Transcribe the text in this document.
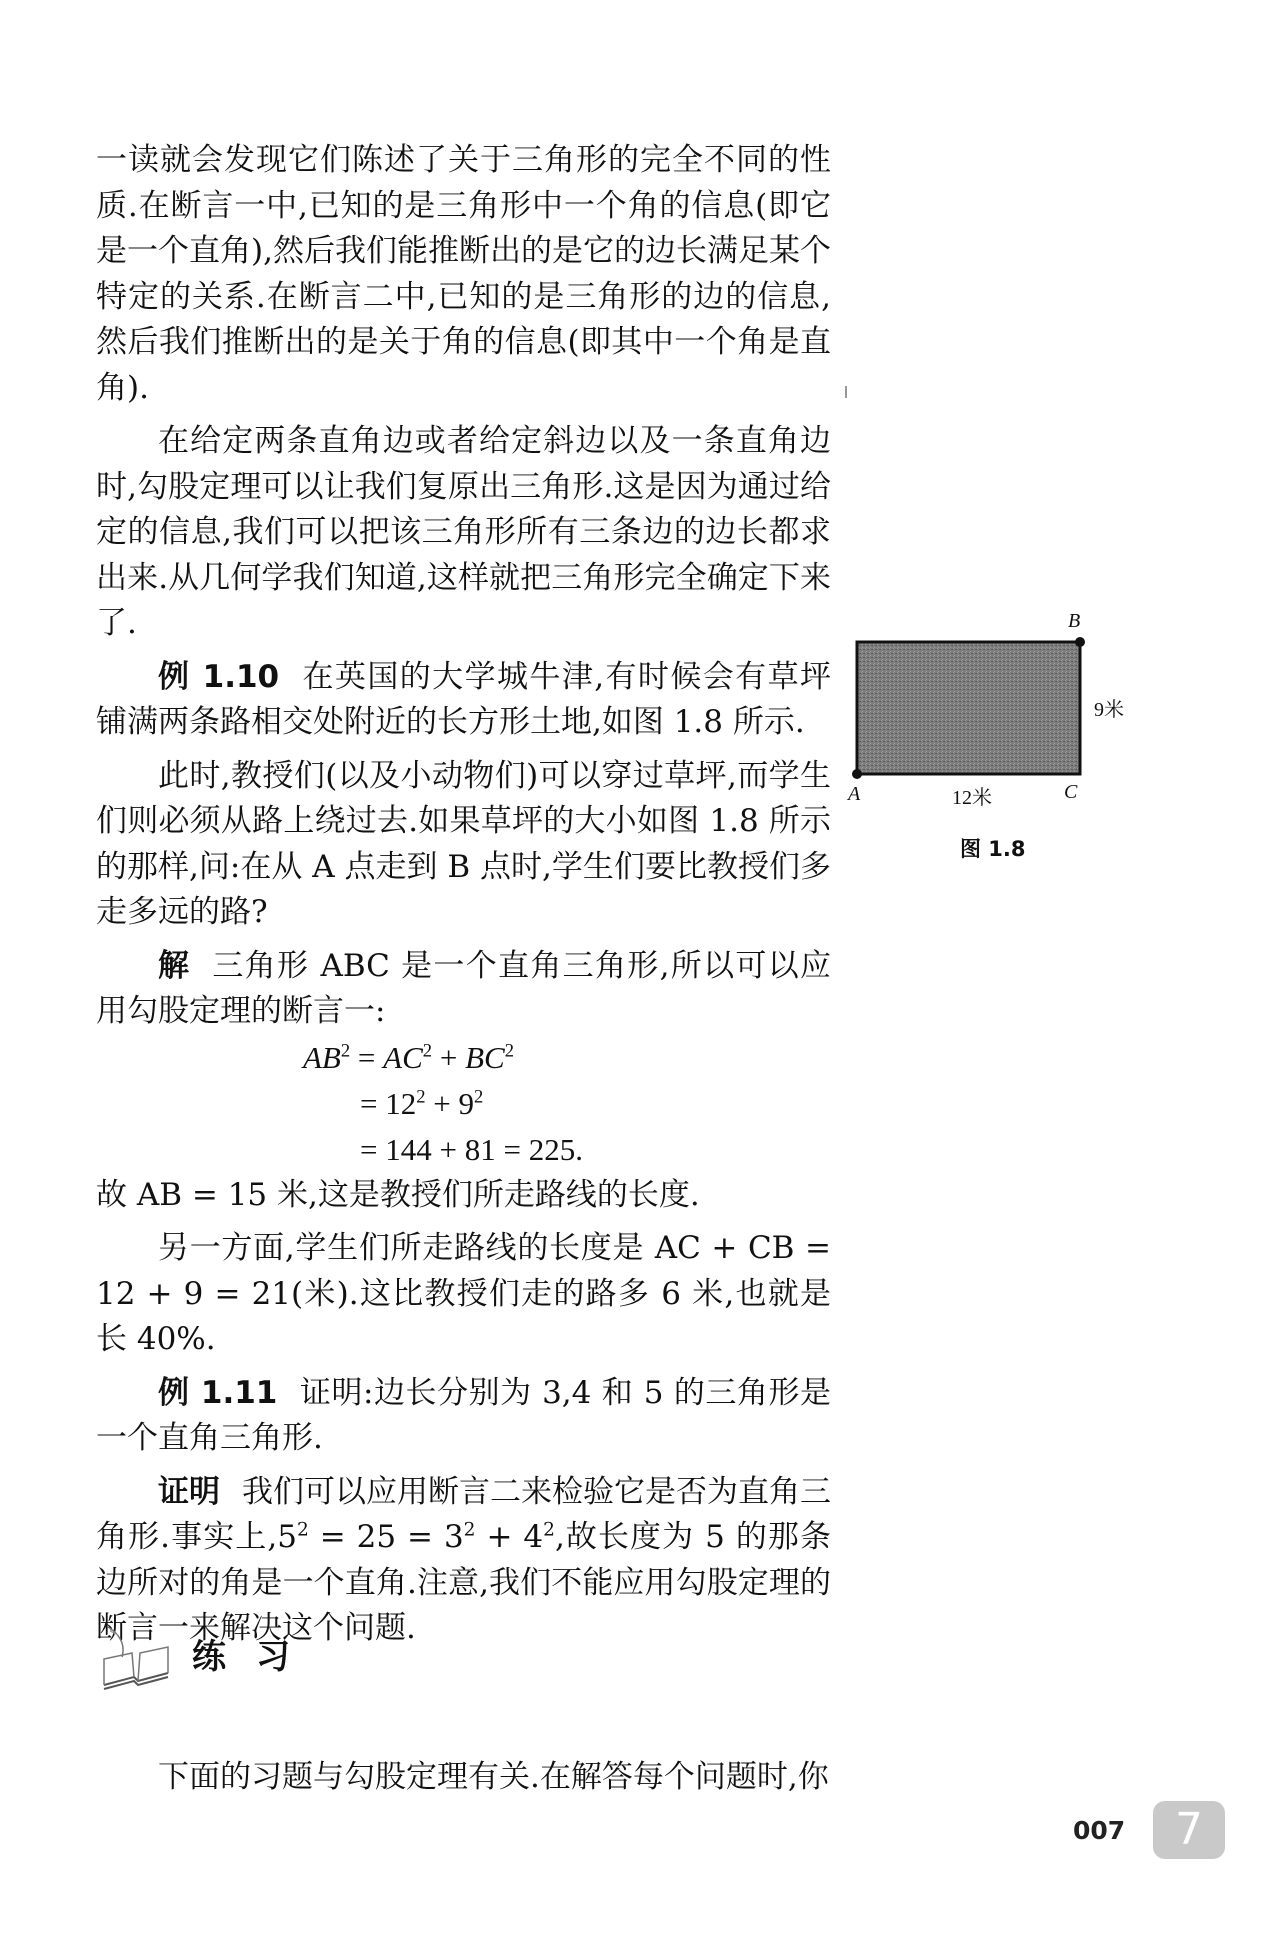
一读就会发现它们陈述了关于三角形的完全不同的性质.在断言一中,已知的是三角形中一个角的信息(即它是一个直角),然后我们能推断出的是它的边长满足某个特定的关系.在断言二中,已知的是三角形的边的信息,然后我们推断出的是关于角的信息(即其中一个角是直角).

在给定两条直角边或者给定斜边以及一条直角边时,勾股定理可以让我们复原出三角形.这是因为通过给定的信息,我们可以把该三角形所有三条边的边长都求出来.从几何学我们知道,这样就把三角形完全确定下来了.

例 1.10 在英国的大学城牛津,有时候会有草坪铺满两条路相交处附近的长方形土地,如图 1.8 所示.

此时,教授们(以及小动物们)可以穿过草坪,而学生们则必须从路上绕过去.如果草坪的大小如图 1.8 所示的那样,问:在从 A 点走到 B 点时,学生们要比教授们多走多远的路?

解 三角形 ABC 是一个直角三角形,所以可以应用勾股定理的断言一:

$AB^2 = AC^2 + BC^2$
= $12^2 + 9^2$
= 144 + 81 = 225.

故 AB = 15 米,这是教授们所走路线的长度.

另一方面,学生们所走路线的长度是 AC + CB = 12 + 9 = 21(米).这比教授们走的路多 6 米,也就是长 40%.

例 1.11 证明:边长分别为 3,4 和 5 的三角形是一个直角三角形.

证明 我们可以应用断言二来检验它是否为直角三角形.事实上$,5^2 = 25 = 3^2 + 4^2$,故长度为 5 的那条边所对的角是一个直角.注意,我们不能应用勾股定理的断言一来解决这个问题.

B
9米
A	12米	C
图 1.8
练习

下面的习题与勾股定理有关.在解答每个问题时,你

007	7
